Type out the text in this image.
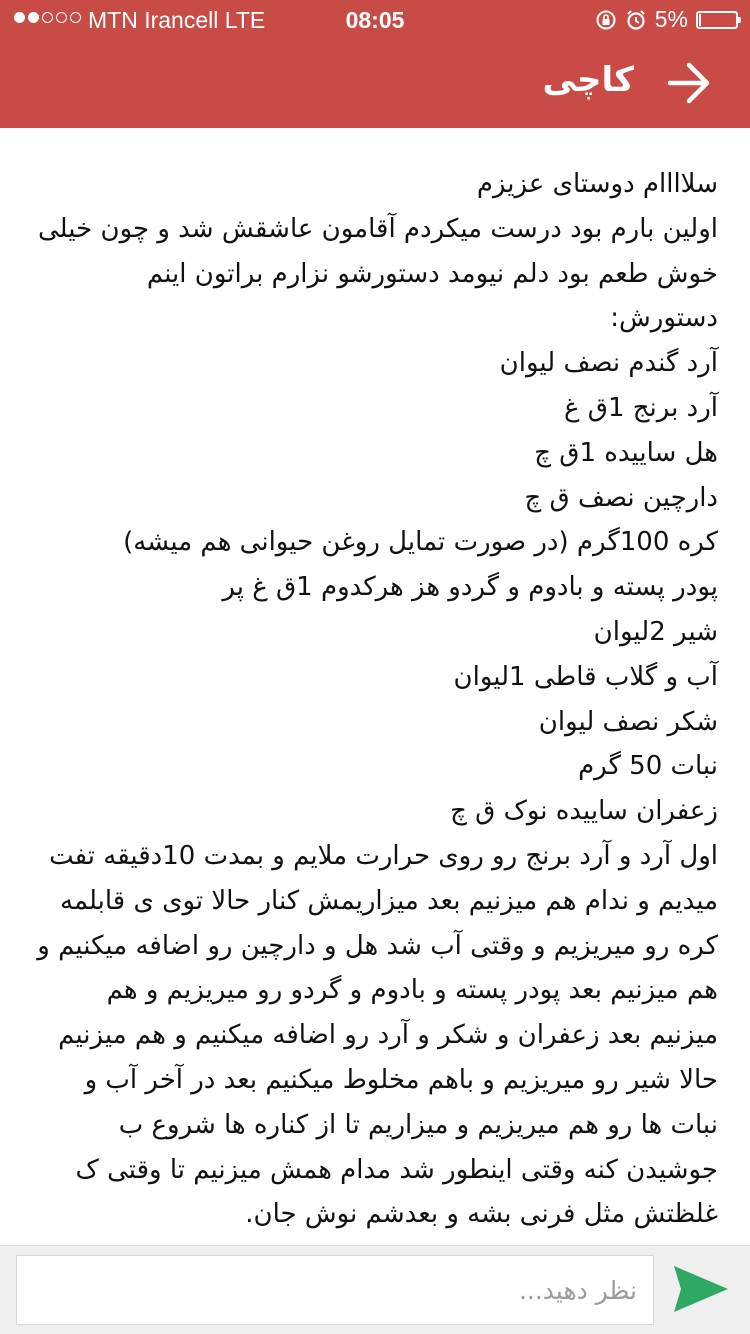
MTN Irancell LTE	08:05	5%
کاچی

سلاااام دوستای عزیزم

اولین بارم بود درست میکردم آقامون عاشقش شد و چون خیلی خوش طعم بود دلم نیومد دستورشو نزارم براتون اینم دستورش:

آرد گندم نصف لیوان

آرد برنج 1ق غ

هل ساییده 1ق چ

دارچین نصف ق چ

کره 100گرم (در صورت تمایل روغن حیوانی هم میشه)

پودر پسته و بادوم و گردو هز هرکدوم 1ق غ پر

شیر 2لیوان

آب و گلاب قاطی 1لیوان

شکر نصف لیوان

نبات 50 گرم

زعفران ساییده نوک ق چ

اول آرد و آرد برنج رو روی حرارت ملایم و بمدت 10دقیقه تفت میدیم و ندام هم میزنیم بعد میزاریمش کنار حالا توی ی قابلمه کره رو میریزیم و وقتی آب شد هل و دارچین رو اضافه میکنیم و هم میزنیم بعد پودر پسته و بادوم و گردو رو میریزیم و هم میزنیم بعد زعفران و شکر و آرد رو اضافه میکنیم و هم میزنیم حالا شیر رو میریزیم و باهم مخلوط میکنیم بعد در آخر آب و نبات ها رو هم میریزیم و میزاریم تا از کناره ها شروع ب جوشیدن کنه وقتی اینطور شد مدام همش میزنیم تا وقتی ک غلظتش مثل فرنی بشه و بعدشم نوش جان.

نظر دهید...
